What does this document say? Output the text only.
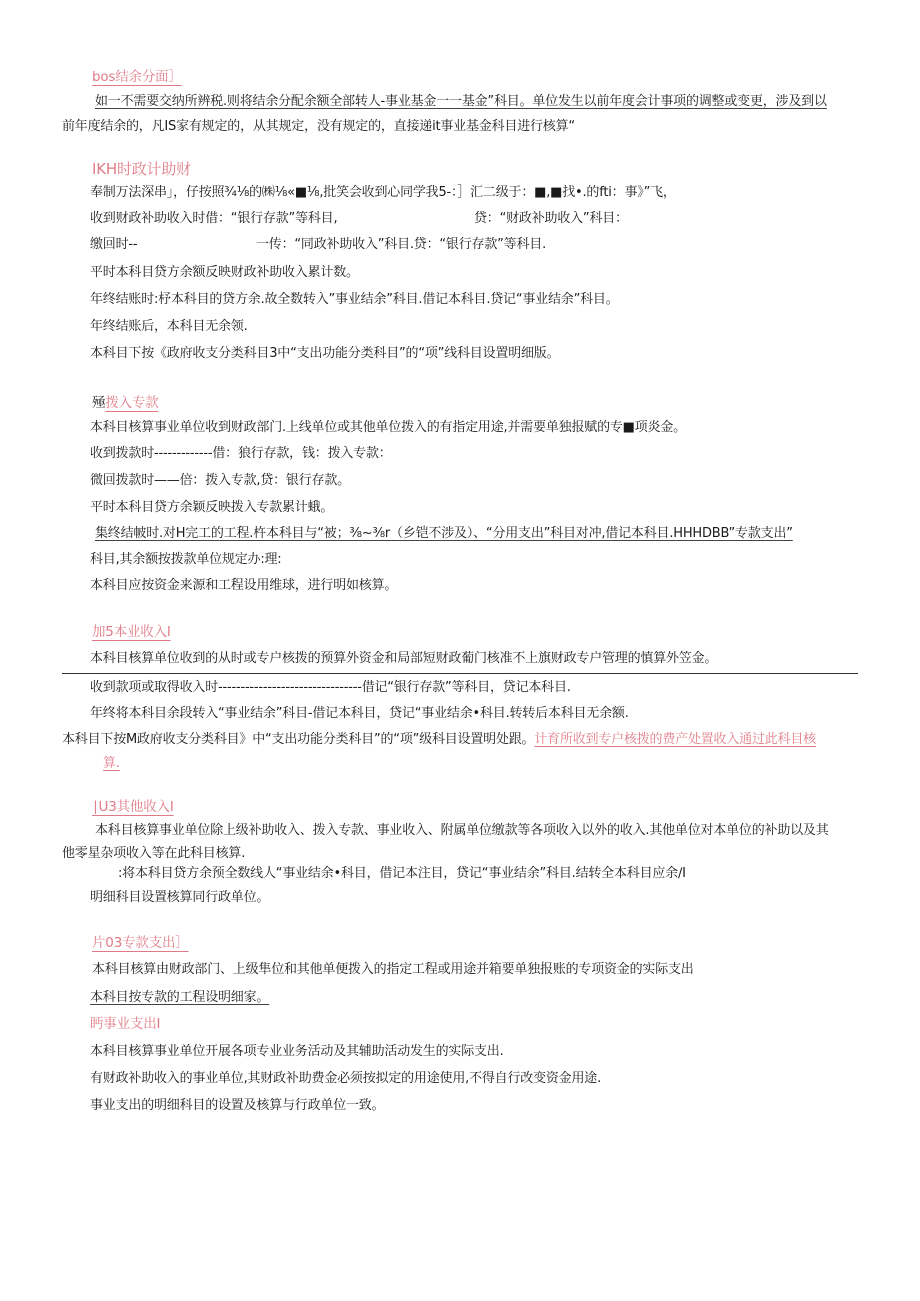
bos结余分面］
如一不需要交纳所辨税.则将结余分配余额全部转人-事业基金一一基金”科目。单位发生以前年度会计事项的调整或变更，涉及到以
前年度结余的，凡IS家有规定的，从其规定，没有规定的，直接递it事业基金科目进行核算“
IKH时政计助财
奉制万法深串」，仔按照¾⅛的㈱⅛«■⅛,批笑会收到心同学我5-：］汇二级于：■,■找•.的fti：事》”飞，
收到财政补助收入时借：“银行存款”等科目,	贷：“财政补助收入”科目：
缴回时--	一传：“同政补助收入”科目.贷：“银行存款”等科目.
平时本科目贷方余额反映财政补助收入累计数。
年终结账时:杼本科目的贷方余.故全数转入”事业结余”科目.借记本科目.贷记“事业结余”科目。
年终结账后，本科目无余领.
本科目下按《政府收支分类科目3中“支出功能分类科目”的“项”线科目设置明细版。
殛拨入专款
本科目核算事业单位收到财政部门.上线单位或其他单位拨入的有指定用途,并需要单独报赋的专■项炎金。
收到拨款时-------------借：狼行存款，钱：拨入专款：
微回拨款时——倍：拨入专款,贷：银行存款。
平时本科目贷方余颖反映拨入专款累计蛾。
集终结帔时.对H完工的工程.杵本科目与“被；⅜~⅜r（乡铠不涉及）、“分用支出”科目对冲,借记本科目.HHHDBB”专款支出”
科目,其余额按拨款单位规定办:理:
本科目应按资金来源和工程设用维球，进行明如核算。
加5本业收入I
本科目核算单位收到的从时或专户核拨的预算外资金和局部短财政葡门核准不上旗财政专户管理的慎算外笠金。
收到款项或取得收入时--------------------------------借记“银行存款”等科目，贷记本科目.
年终将本科目余段转入“事业结余”科目-借记本科目，贷记“事业结余•科目.转转后本科目无余额.
本科目下按M政府收支分类科目》中“支出功能分类科目”的“项”级科目设置明处跟。计育所收到专户核拨的费产处置收入通过此科目核
算.
∣U3其他收入I
本科目核算事业单位除上级补助收入、拨入专款、事业收入、附属单位缴款等各项收入以外的收入.其他单位对本单位的补助以及其
他零星杂项收入等在此科目核算.
:将本科目贷方余预全数线人“事业结余•科目，借记本注目，贷记“事业结余”科目.结转全本科目应余∕I
明细科目设置核算同行政单位。
片03专款支出］
本科目核算由财政部门、上级隼位和其他单便拨入的指定工程或用途并箱要单独报账的专项资金的实际支出
本科目按专款的工程设明细家。
眄事业支出I
本科目核算事业单位开展各项专业业务活动及其辅助活动发生的实际支出.
有财政补助收入的事业单位,其财政补助费金必须按拟定的用途使用,不得自行改变资金用途.
事业支出的明细科目的设置及核算与行政单位一致。
